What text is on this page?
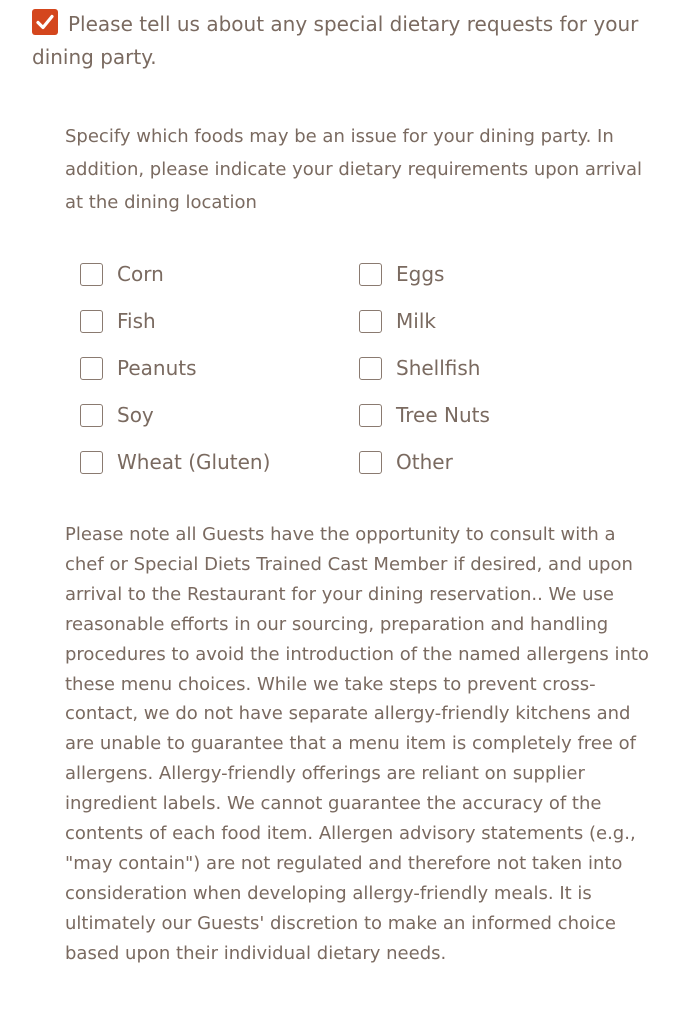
Please tell us about any special dietary requests for your dining party.
Specify which foods may be an issue for your dining party. In addition, please indicate your dietary requirements upon arrival at the dining location
Corn
Fish
Peanuts
Soy
Wheat (Gluten)
Eggs
Milk
Shellfish
Tree Nuts
Other
Please note all Guests have the opportunity to consult with a chef or Special Diets Trained Cast Member if desired, and upon arrival to the Restaurant for your dining reservation.. We use reasonable efforts in our sourcing, preparation and handling procedures to avoid the introduction of the named allergens into these menu choices. While we take steps to prevent cross-contact, we do not have separate allergy-friendly kitchens and are unable to guarantee that a menu item is completely free of allergens. Allergy-friendly offerings are reliant on supplier ingredient labels. We cannot guarantee the accuracy of the contents of each food item. Allergen advisory statements (e.g., "may contain") are not regulated and therefore not taken into consideration when developing allergy-friendly meals. It is ultimately our Guests' discretion to make an informed choice based upon their individual dietary needs.
